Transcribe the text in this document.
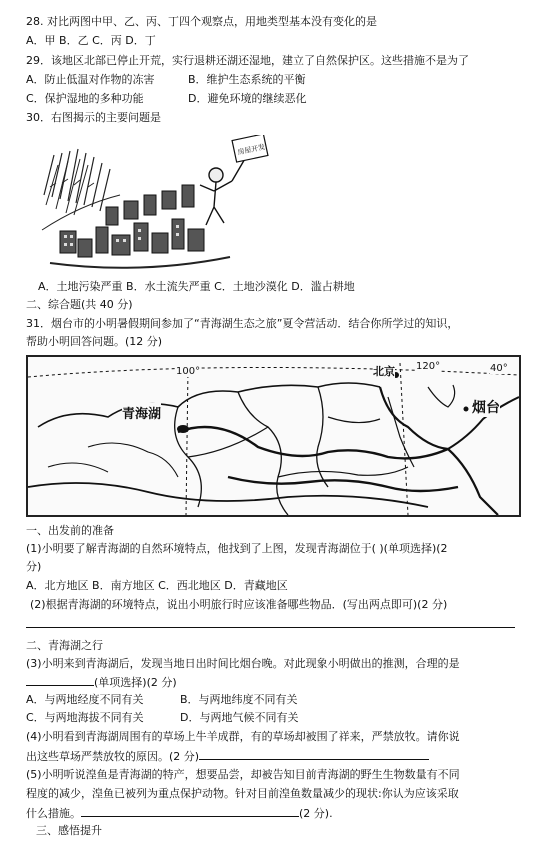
28. 对比两图中甲、乙、丙、丁四个观察点，用地类型基本没有变化的是
A．甲 B．乙 C．丙 D．丁
29．该地区北部已停止开荒，实行退耕还湖还湿地，建立了自然保护区。这些措施不是为了
A．防止低温对作物的冻害	B．维护生态系统的平衡
C．保护湿地的多种功能	D．避免环境的继续恶化
30．右图揭示的主要问题是
房屋开发
A．土地污染严重 B．水土流失严重 C．土地沙漠化 D．滥占耕地
二、综合题(共 40 分)
31．烟台市的小明暑假期间参加了“青海湖生态之旅”夏令营活动．结合你所学过的知识，
帮助小明回答问题。(12 分)
100°	120°	40°
青海湖
北京
烟台
一、出发前的准备
(1)小明要了解青海湖的自然环境特点，他找到了上图，发现青海湖位于( )(单项选择)(2
分)
A．北方地区 B．南方地区 C．西北地区 D．青藏地区
(2)根据青海湖的环境特点，说出小明旅行时应该准备哪些物品．(写出两点即可)(2 分)
二、青海湖之行
(3)小明来到青海湖后，发现当地日出时间比烟台晚。对此现象小明做出的推测，合理的是
(单项选择)(2 分)
A．与两地经度不同有关	B．与两地纬度不同有关
C．与两地海拔不同有关	D．与两地气候不同有关
(4)小明看到青海湖周围有的草场上牛羊成群，有的草场却被围了祥来，严禁放牧。请你说
出这些草场严禁放牧的原因。(2 分)
(5)小明听说湟鱼是青海湖的特产，想要品尝，却被告知目前青海湖的野生生物数量有不同
程度的减少，湟鱼已被列为重点保护动物。针对目前湟鱼数量减少的现状:你认为应该采取
什么措施。	(2 分).
三、感悟提升
